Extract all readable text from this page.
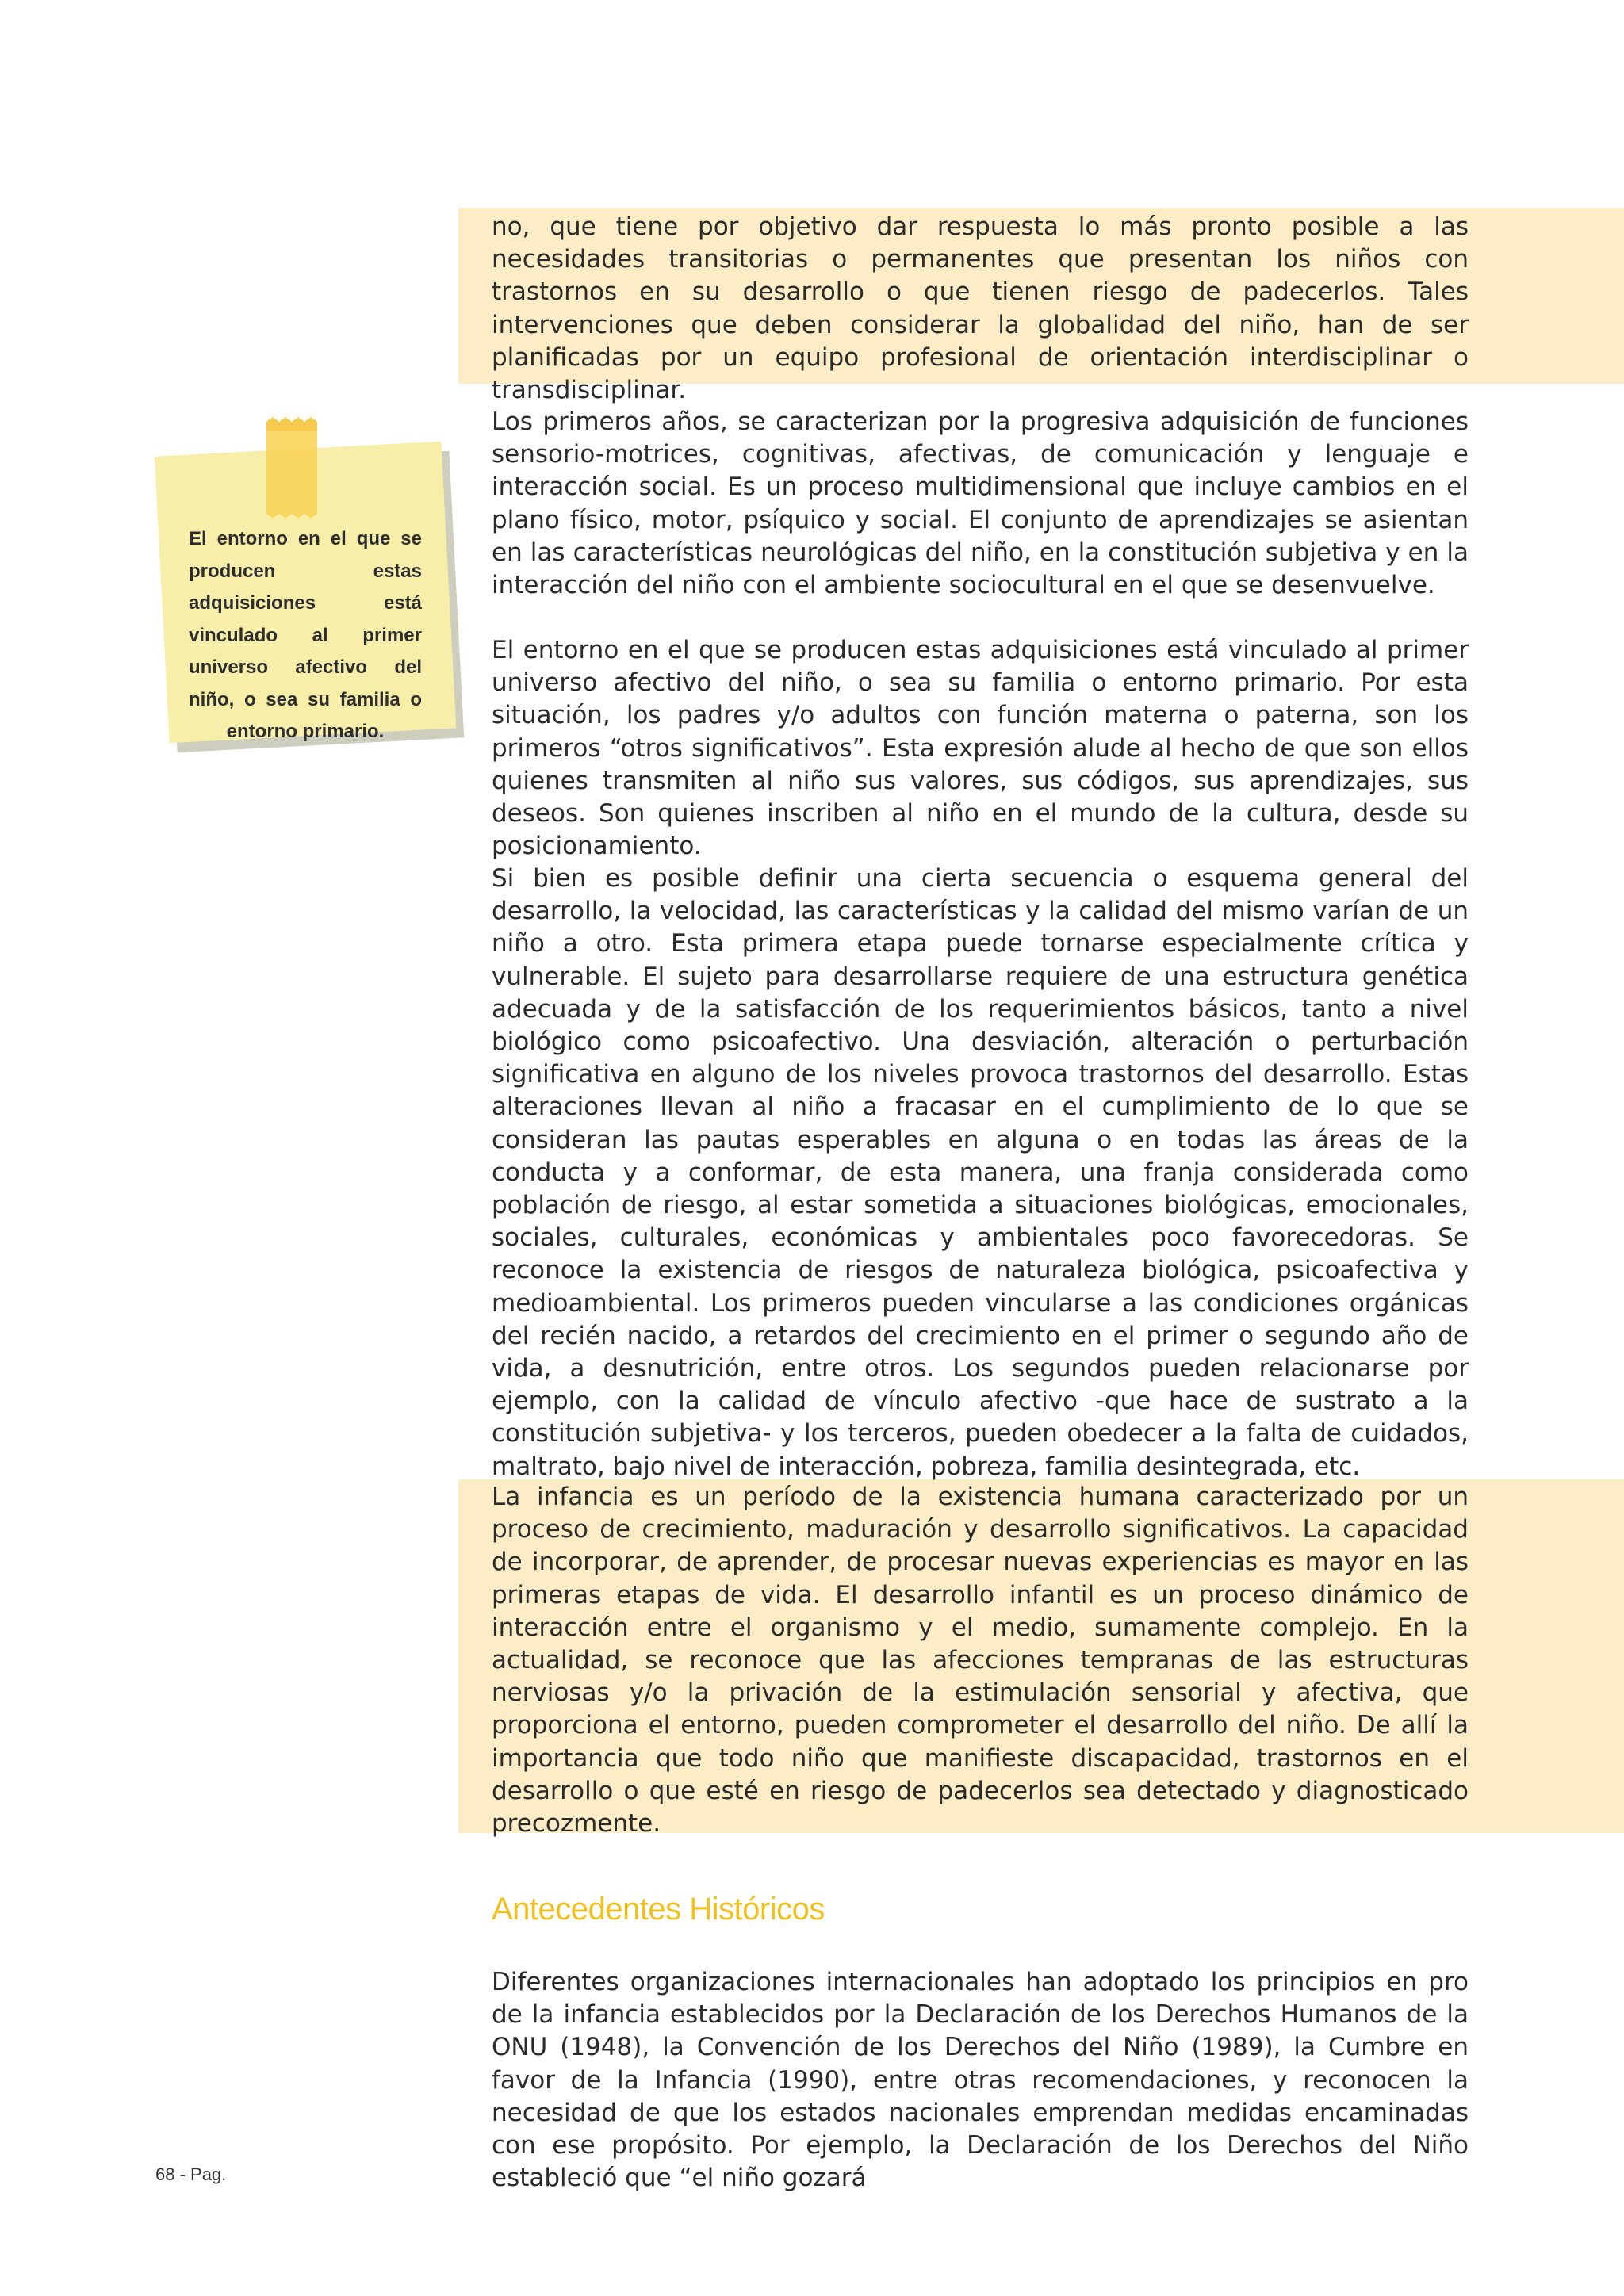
no, que tiene por objetivo dar respuesta lo más pronto posible a las necesidades transitorias o permanentes que presentan los niños con trastornos en su desarrollo o que tienen riesgo de padecerlos. Tales intervenciones que deben considerar la globalidad del niño, han de ser planificadas por un equipo profesional de orientación interdisciplinar o transdisciplinar.

Los primeros años, se caracterizan por la progresiva adquisición de funciones sensorio-motrices, cognitivas, afectivas, de comunicación y lenguaje e interacción social. Es un proceso multidimensional que incluye cambios en el plano físico, motor, psíquico y social. El conjunto de aprendizajes se asientan en las características neurológicas del niño, en la constitución subjetiva y en la interacción del niño con el ambiente sociocultural en el que se desenvuelve.

El entorno en el que se producen estas adquisiciones está vinculado al primer universo afectivo del niño, o sea su familia o entorno primario. Por esta situación, los padres y/o adultos con función materna o paterna, son los primeros “otros significativos”. Esta expresión alude al hecho de que son ellos quienes transmiten al niño sus valores, sus códigos, sus aprendizajes, sus deseos. Son quienes inscriben al niño en el mundo de la cultura, desde su posicionamiento.

Si bien es posible definir una cierta secuencia o esquema general del desarrollo, la velocidad, las características y la calidad del mismo varían de un niño a otro. Esta primera etapa puede tornarse especialmente crítica y vulnerable. El sujeto para desarrollarse requiere de una estructura genética adecuada y de la satisfacción de los requerimientos básicos, tanto a nivel biológico como psicoafectivo. Una desviación, alteración o perturbación significativa en alguno de los niveles provoca trastornos del desarrollo. Estas alteraciones llevan al niño a fracasar en el cumplimiento de lo que se consideran las pautas esperables en alguna o en todas las áreas de la conducta y a conformar, de esta manera, una franja considerada como población de riesgo, al estar sometida a situaciones biológicas, emocionales, sociales, culturales, económicas y ambientales poco favorecedoras. Se reconoce la existencia de riesgos de naturaleza biológica, psicoafectiva y medioambiental. Los primeros pueden vincularse a las condiciones orgánicas del recién nacido, a retardos del crecimiento en el primer o segundo año de vida, a desnutrición, entre otros. Los segundos pueden relacionarse por ejemplo, con la calidad de vínculo afectivo -que hace de sustrato a la constitución subjetiva- y los terceros, pueden obedecer a la falta de cuidados, maltrato, bajo nivel de interacción, pobreza, familia desintegrada, etc.

La infancia es un período de la existencia humana caracterizado por un proceso de crecimiento, maduración y desarrollo significativos. La capacidad de incorporar, de aprender, de procesar nuevas experiencias es mayor en las primeras etapas de vida. El desarrollo infantil es un proceso dinámico de interacción entre el organismo y el medio, sumamente complejo. En la actualidad, se reconoce que las afecciones tempranas de las estructuras nerviosas y/o la privación de la estimulación sensorial y afectiva, que proporciona el entorno, pueden comprometer el desarrollo del niño. De allí la importancia que todo niño que manifieste discapacidad, trastornos en el desarrollo o que esté en riesgo de padecerlos sea detectado y diagnosticado precozmente.

Antecedentes Históricos

Diferentes organizaciones internacionales han adoptado los principios en pro de la infancia establecidos por la Declaración de los Derechos Humanos de la ONU (1948), la Convención de los Derechos del Niño (1989), la Cumbre en favor de la Infancia (1990), entre otras recomendaciones, y reconocen la necesidad de que los estados nacionales emprendan medidas encaminadas con ese propósito. Por ejemplo, la Declaración de los Derechos del Niño estableció que “el niño gozará

El entorno en el que se producen estas adquisiciones está vinculado al primer universo afectivo del niño, o sea su familia o entorno primario.

68 - Pag.
